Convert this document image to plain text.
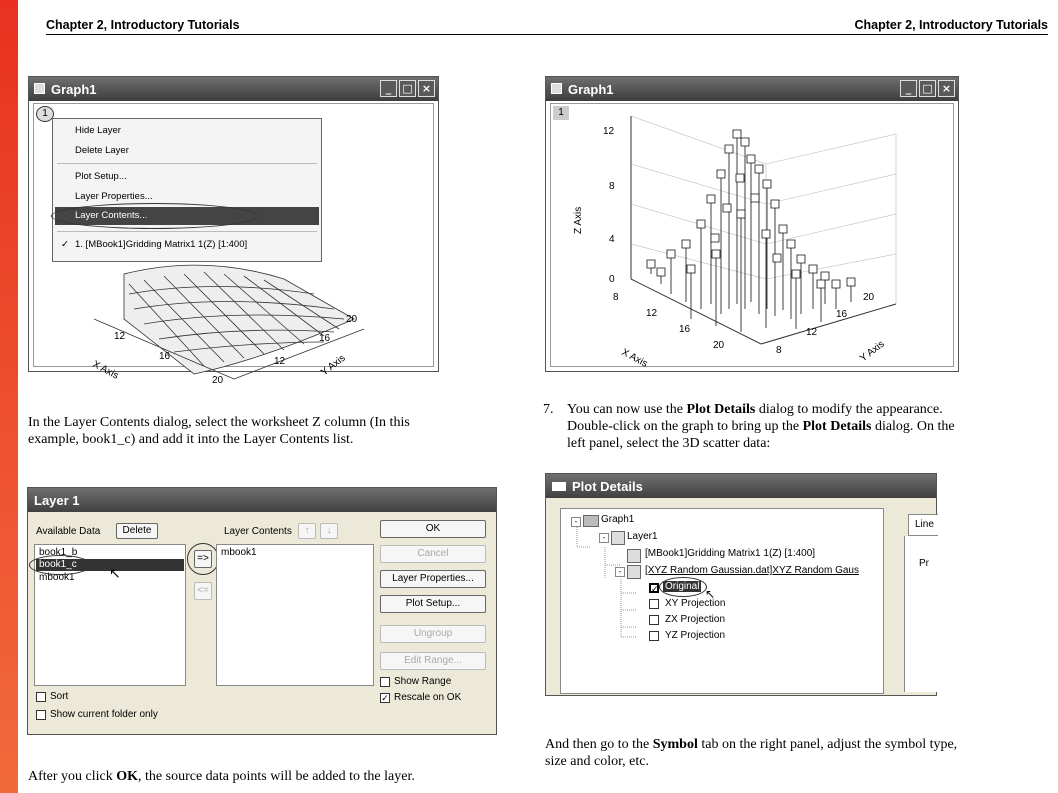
Chapter 2, Introductory Tutorials	Chapter 2, Introductory Tutorials
Graph1	_	□ ×
12
16
20
12
16
20
X Axis	Y Axis
1
Hide Layer
Delete Layer
Plot Setup...
Layer Properties...
Layer Contents...
✓ 1. [MBook1]Gridding Matrix1 1(Z) [1:400]
Graph1	_	□ ×
1
12
8
4
0
Z Axis
8
12
16
20
X Axis
20
16
12
8	Y Axis
In the Layer Contents dialog, select the worksheet Z column (In this
example, book1_c) and add it into the Layer Contents list.
7. You can now use the Plot Details dialog to modify the appearance.
Double-click on the graph to bring up the Plot Details dialog. On the
left panel, select the 3D scatter data:
Layer 1
Available Data	Delete	Layer Contents	↑	↓
book1_b
book1_c
mbook1 ↖
=>
<=
mbook1
OK
Cancel
Layer Properties...
Plot Setup...
Ungroup
Edit Range...
Show Range
✓ Rescale on OK
Sort
Show current folder only
After you click OK, the source data points will be added to the layer.
Plot Details
-	Graph1
-	Layer1
[MBook1]Gridding Matrix1 1(Z) [1:400]
-	[XYZ Random Gaussian.dat]XYZ Random Gaus
✓ Original
↖
XY Projection
ZX Projection
YZ Projection
Line
Pr
And then go to the Symbol tab on the right panel, adjust the symbol type,
size and color, etc.
